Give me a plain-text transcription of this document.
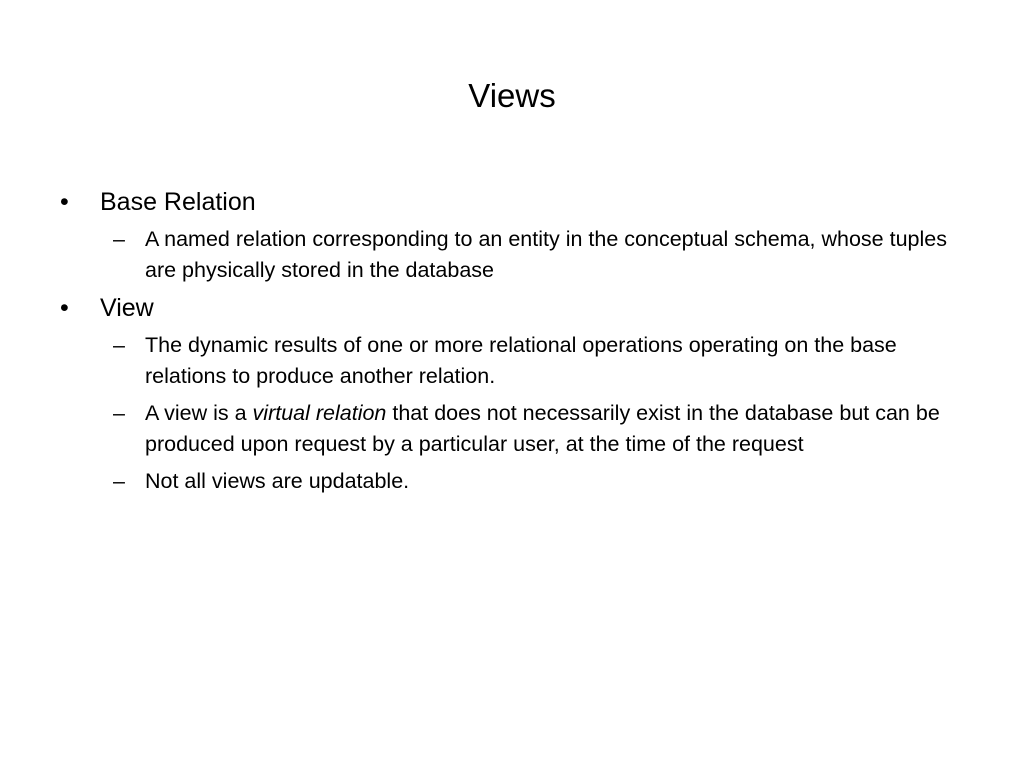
Views
• Base Relation
– A named relation corresponding to an entity in the conceptual schema, whose tuples are physically stored in the database
• View
– The dynamic results of one or more relational operations operating on the base relations to produce another relation.
– A view is a virtual relation that does not necessarily exist in the database but can be produced upon request by a particular user, at the time of the request
– Not all views are updatable.
